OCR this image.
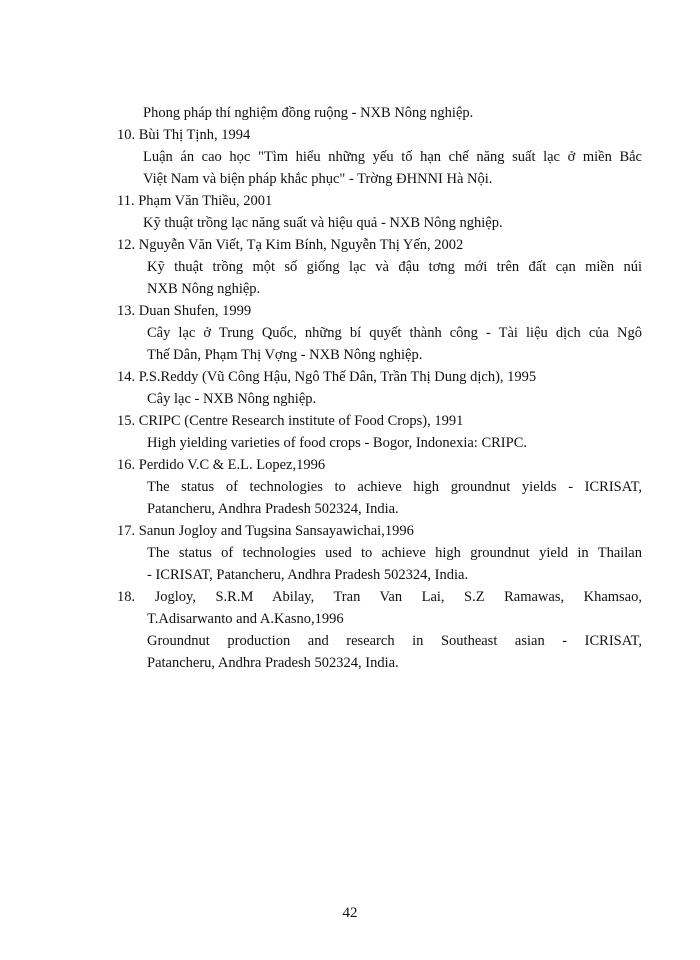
Phong pháp thí nghiệm đồng ruộng - NXB Nông nghiệp.
10. Bùi Thị Tịnh, 1994
Luận án cao học "Tìm hiểu những yếu tố hạn chế năng suất lạc ở miền Bắc
Việt Nam và biện pháp khắc phục" - Trờng ĐHNNI Hà Nội.
11. Phạm Văn Thiều, 2001
Kỹ thuật trồng lạc năng suất và hiệu quả - NXB Nông nghiệp.
12. Nguyễn Văn Viết, Tạ Kim Bính, Nguyễn Thị Yến, 2002
Kỹ thuật trồng một số giống lạc và đậu tơng mới trên đất cạn miền núi
NXB Nông nghiệp.
13. Duan Shufen, 1999
Cây lạc ở Trung Quốc, những bí quyết thành công - Tài liệu dịch của Ngô
Thế Dân, Phạm Thị Vợng - NXB Nông nghiệp.
14. P.S.Reddy (Vũ Công Hậu, Ngô Thế Dân, Trần Thị Dung dịch), 1995
Cây lạc - NXB Nông nghiệp.
15. CRIPC (Centre Research institute of Food Crops), 1991
High yielding varieties of food crops - Bogor, Indonexia: CRIPC.
16. Perdido V.C & E.L. Lopez,1996
The status of technologies to achieve high groundnut yields - ICRISAT,
Patancheru, Andhra Pradesh 502324, India.
17. Sanun Jogloy and Tugsina Sansayawichai,1996
The status of technologies used to achieve high groundnut yield in Thailan
- ICRISAT, Patancheru, Andhra Pradesh 502324, India.
18. Jogloy, S.R.M Abilay, Tran Van Lai, S.Z Ramawas, Khamsao,
T.Adisarwanto and A.Kasno,1996
Groundnut production and research in Southeast asian - ICRISAT,
Patancheru, Andhra Pradesh 502324, India.
42
